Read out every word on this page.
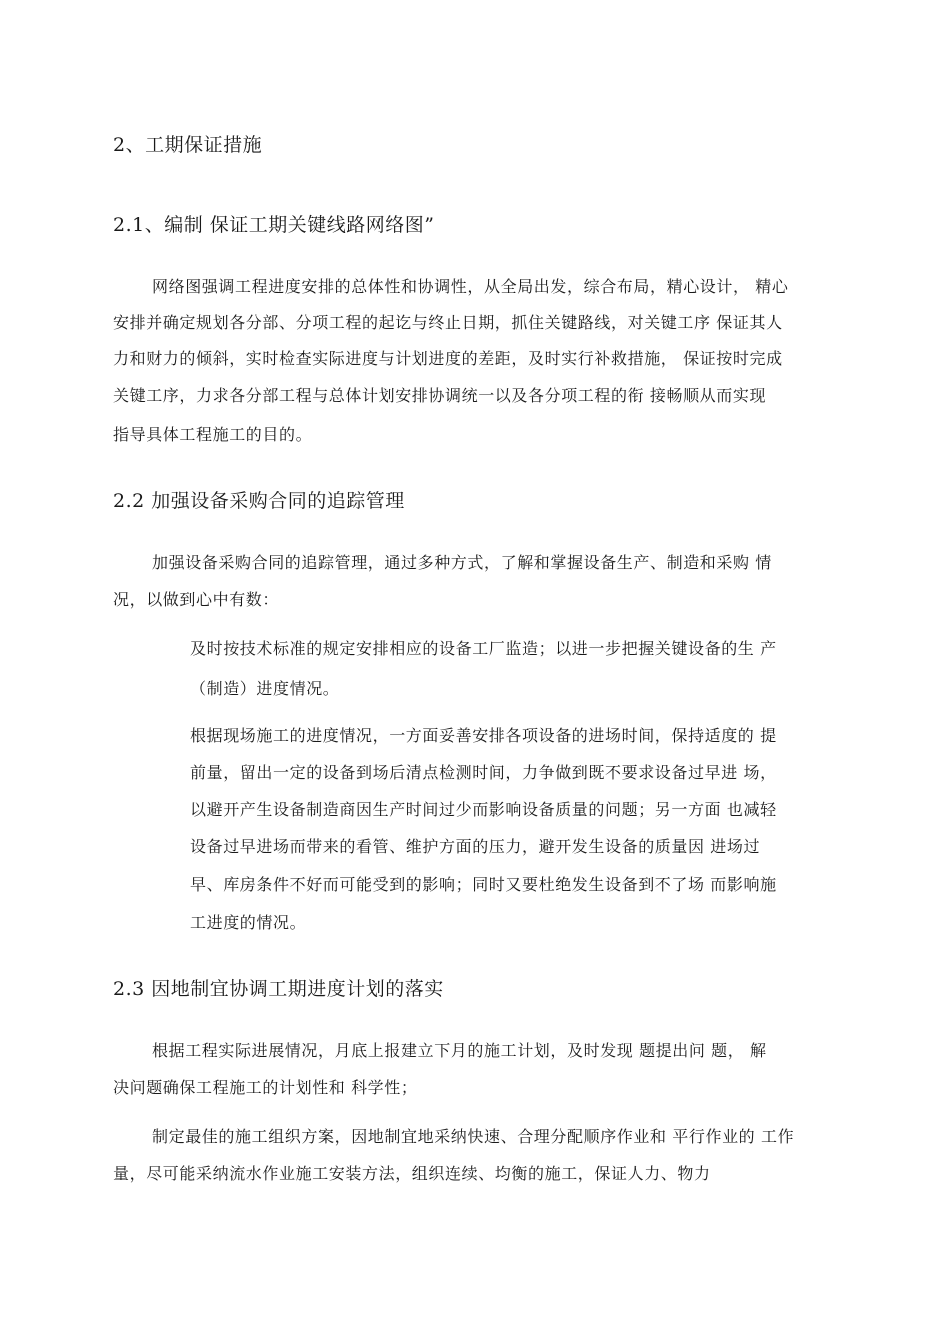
2、工期保证措施
2.1、编制 保证工期关键线路网络图”
网络图强调工程进度安排的总体性和协调性，从全局出发，综合布局，精心设计， 精心
安排并确定规划各分部、分项工程的起讫与终止日期，抓住关键路线，对关键工序 保证其人
力和财力的倾斜，实时检查实际进度与计划进度的差距，及时实行补救措施， 保证按时完成
关键工序，力求各分部工程与总体计划安排协调统一以及各分项工程的衔 接畅顺从而实现
指导具体工程施工的目的。
2.2 加强设备采购合同的追踪管理
加强设备采购合同的追踪管理，通过多种方式，了解和掌握设备生产、制造和采购 情
况，以做到心中有数：
及时按技术标准的规定安排相应的设备工厂监造；以进一步把握关键设备的生 产
（制造）进度情况。
根据现场施工的进度情况，一方面妥善安排各项设备的进场时间，保持适度的 提
前量，留出一定的设备到场后清点检测时间，力争做到既不要求设备过早进 场，
以避开产生设备制造商因生产时间过少而影响设备质量的问题；另一方面 也减轻
设备过早进场而带来的看管、维护方面的压力，避开发生设备的质量因 进场过
早、库房条件不好而可能受到的影响；同时又要杜绝发生设备到不了场 而影响施
工进度的情况。
2.3 因地制宜协调工期进度计划的落实
根据工程实际进展情况，月底上报建立下月的施工计划，及时发现 题提出问 题， 解
决问题确保工程施工的计划性和 科学性；
制定最佳的施工组织方案，因地制宜地采纳快速、合理分配顺序作业和 平行作业的 工作
量，尽可能采纳流水作业施工安装方法，组织连续、均衡的施工，保证人力、物力
